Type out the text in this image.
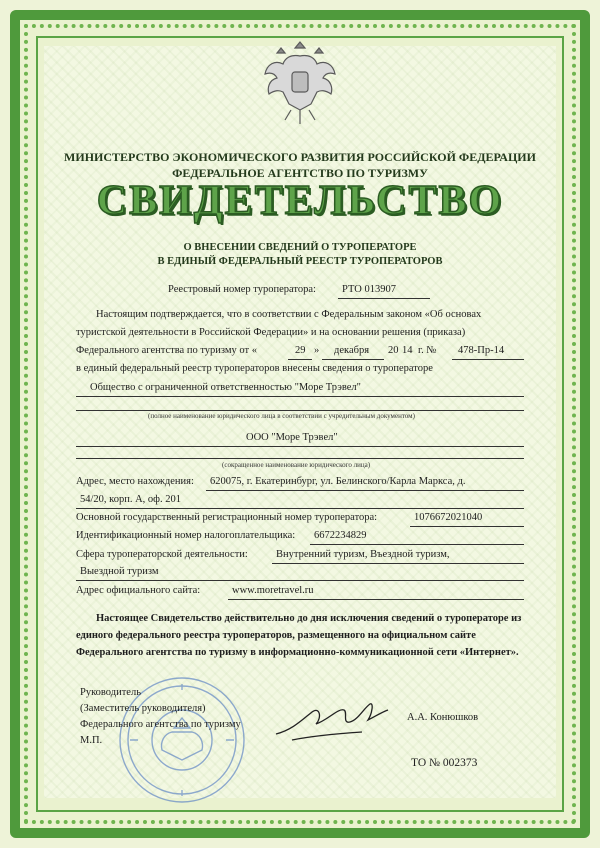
МИНИСТЕРСТВО ЭКОНОМИЧЕСКОГО РАЗВИТИЯ РОССИЙСКОЙ ФЕДЕРАЦИИ
ФЕДЕРАЛЬНОЕ АГЕНТСТВО ПО ТУРИЗМУ
СВИДЕТЕЛЬСТВО
О ВНЕСЕНИИ СВЕДЕНИЙ О ТУРОПЕРАТОРЕ
В ЕДИНЫЙ ФЕДЕРАЛЬНЫЙ РЕЕСТР ТУРОПЕРАТОРОВ
Реестровый номер туроператора: РТО 013907
Настоящим подтверждается, что в соответствии с Федеральным законом «Об основах
туристской деятельности в Российской Федерации» и на основании решения (приказа)
Федерального агентства по туризму от «	29 » декабря 20 14 г. № 478-Пр-14
в единый федеральный реестр туроператоров внесены сведения о туроператоре
Общество с ограниченной ответственностью "Море Трэвел"
(полное наименование юридического лица в соответствии с учредительным документом)
ООО "Море Трэвел"
(сокращенное наименование юридического лица)
Адрес, место нахождения: 620075, г. Екатеринбург, ул. Белинского/Карла Маркса, д.
54/20, корп. А, оф. 201
Основной государственный регистрационный номер туроператора:	1076672021040
Идентификационный номер налогоплательщика: 6672234829
Сфера туроператорской деятельности:	Внутренний туризм, Въездной туризм,
Выездной туризм
Адрес официального сайта:	www.moretravel.ru
Настоящее Свидетельство действительно до дня исключения сведений о туроператоре из
единого федерального реестра туроператоров, размещенного на официальном сайте
Федерального агентства по туризму в информационно-коммуникационной сети «Интернет».
Руководитель
(Заместитель руководителя)
Федерального агентства по туризму
М.П.
А.А. Конюшков
ТО № 002373
